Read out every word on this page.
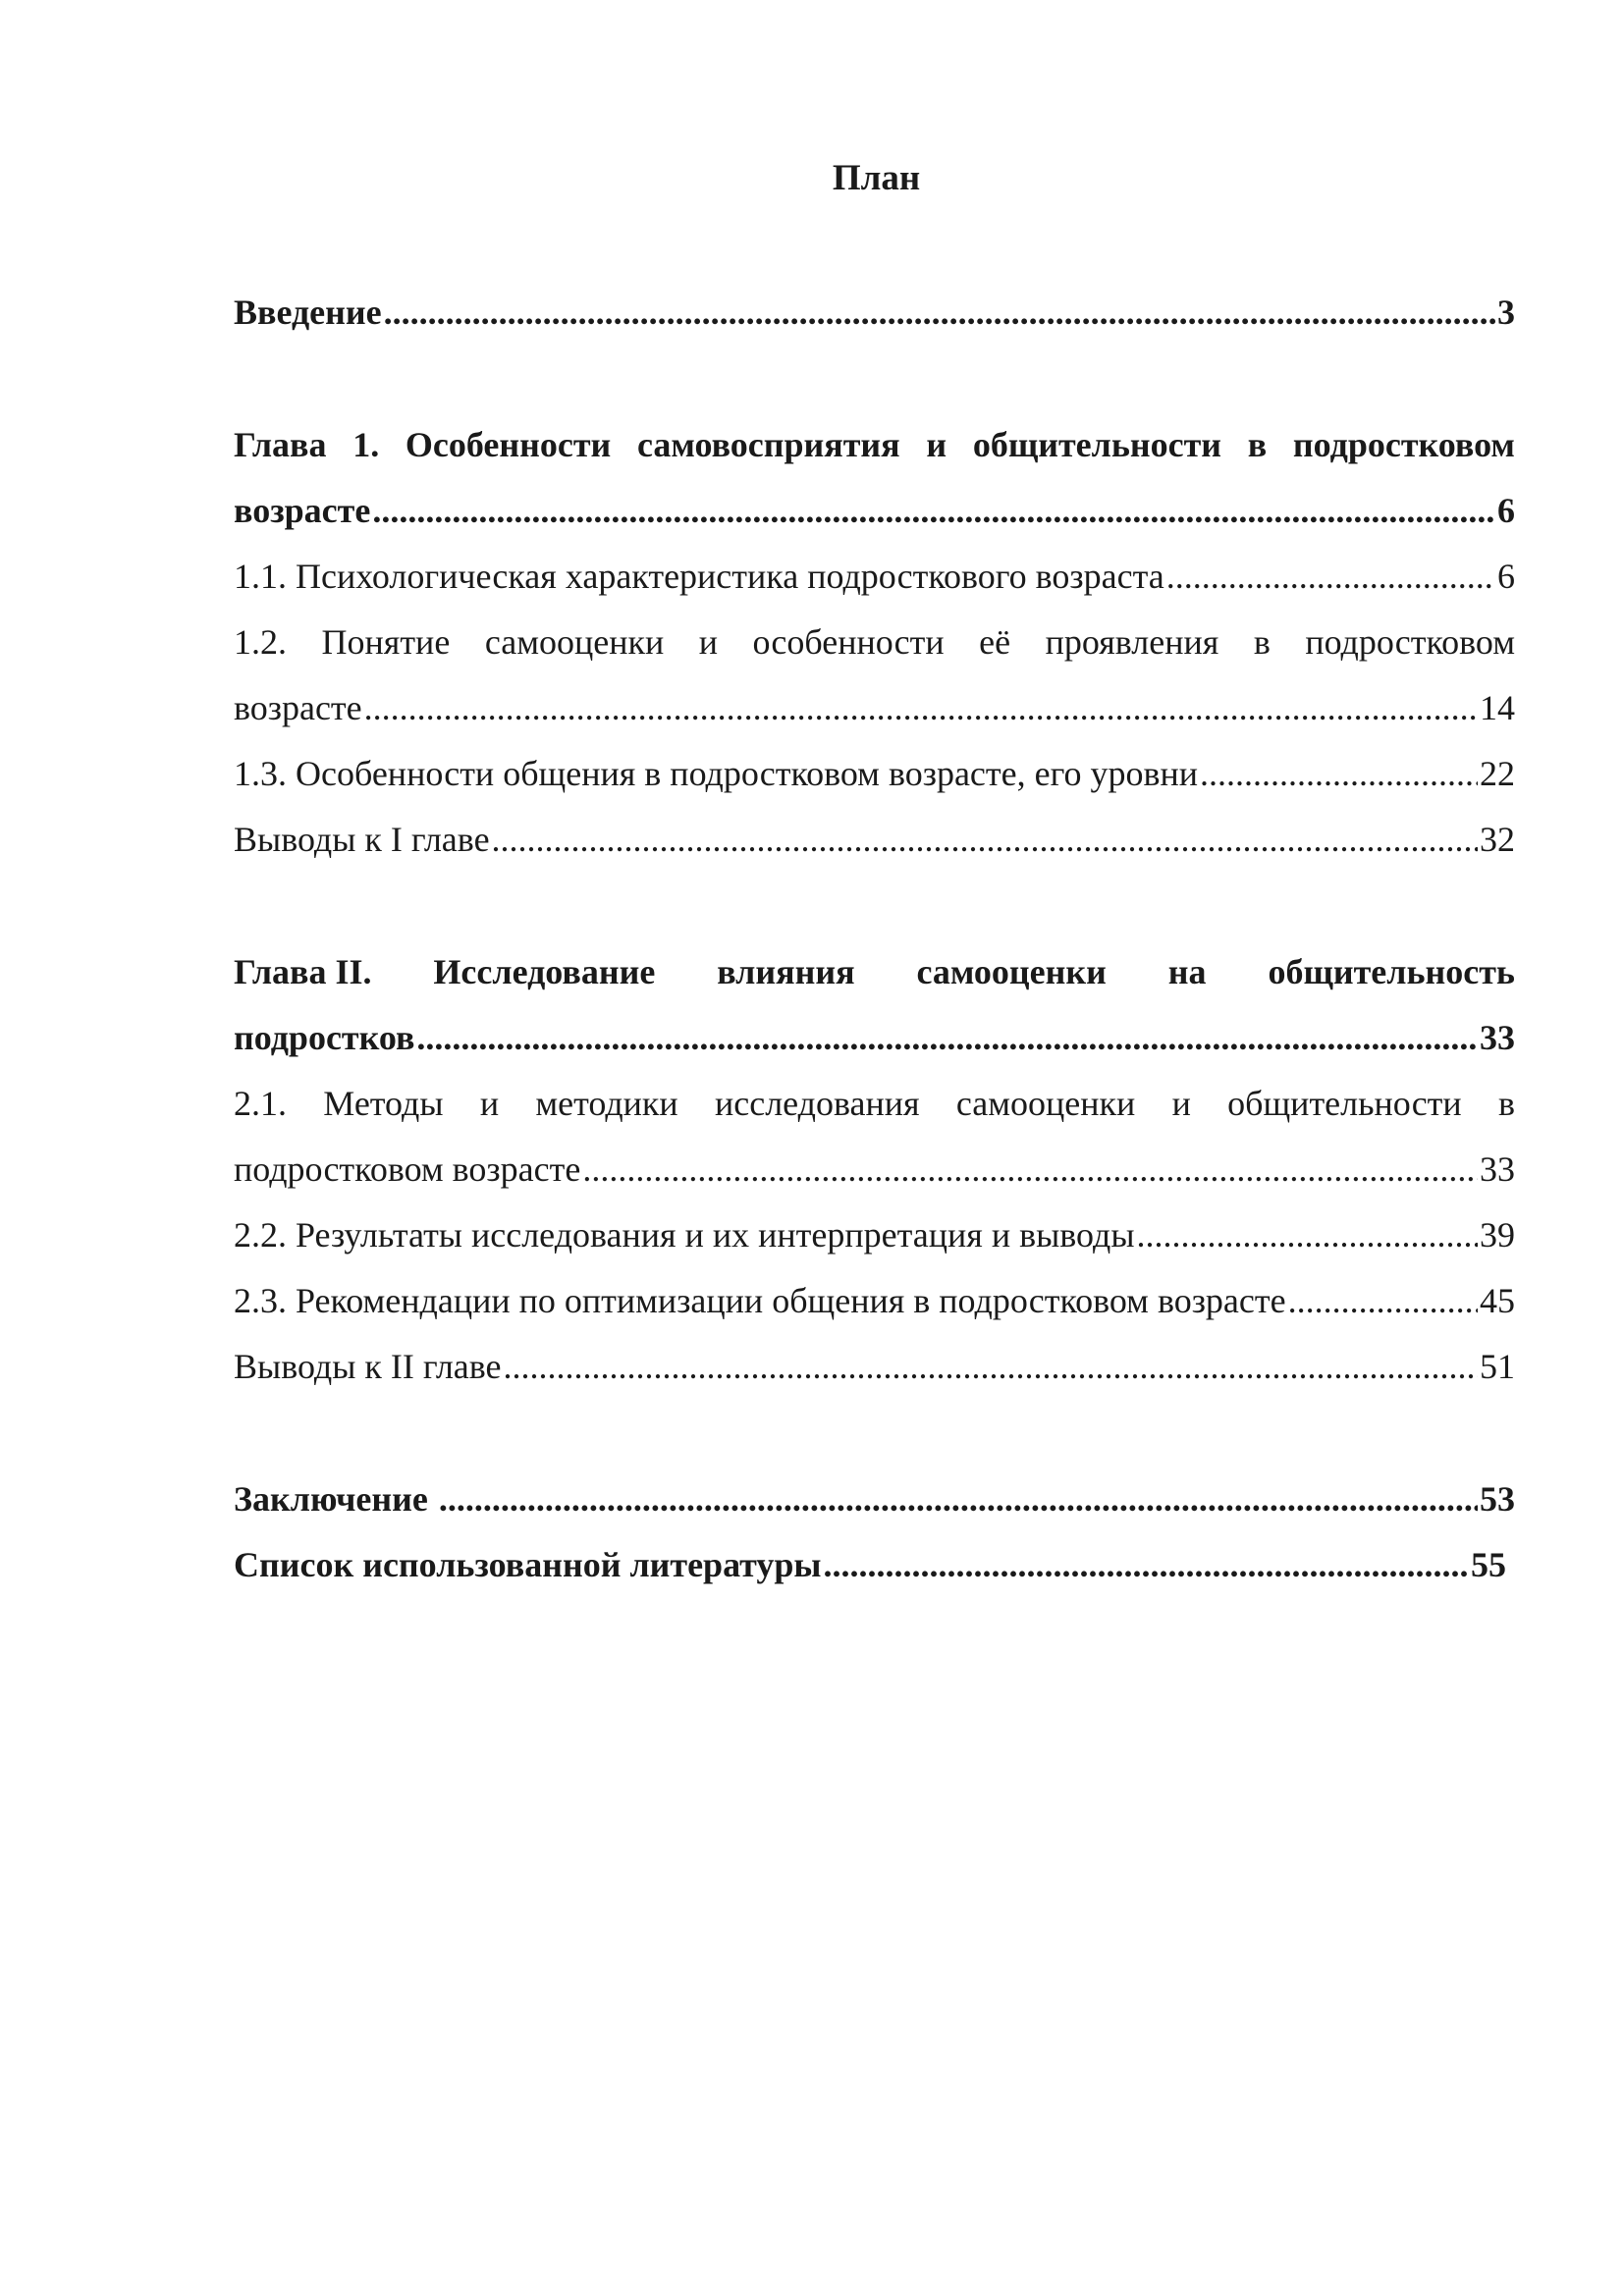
План
Введение .....	3
Глава 1. Особенности самовосприятия и общительности в подростковом
возрасте .....	6
1.1. Психологическая характеристика подросткового возраста .....	6
1.2. Понятие самооценки и особенности её проявления в подростковом
возрасте .....	14
1.3. Особенности общения в подростковом возрасте, его уровни .....	22
Выводы к I главе .....	32
Глава II. Исследование влияния самооценки на общительность
подростков .....	33
2.1. Методы и методики исследования самооценки и общительности в
подростковом возрасте .....	33
2.2. Результаты исследования и их интерпретация и выводы .....	39
2.3. Рекомендации по оптимизации общения в подростковом возрасте .....	45
Выводы к II главе .....	51
Заключение .....	53
Список использованной литературы .....	55
